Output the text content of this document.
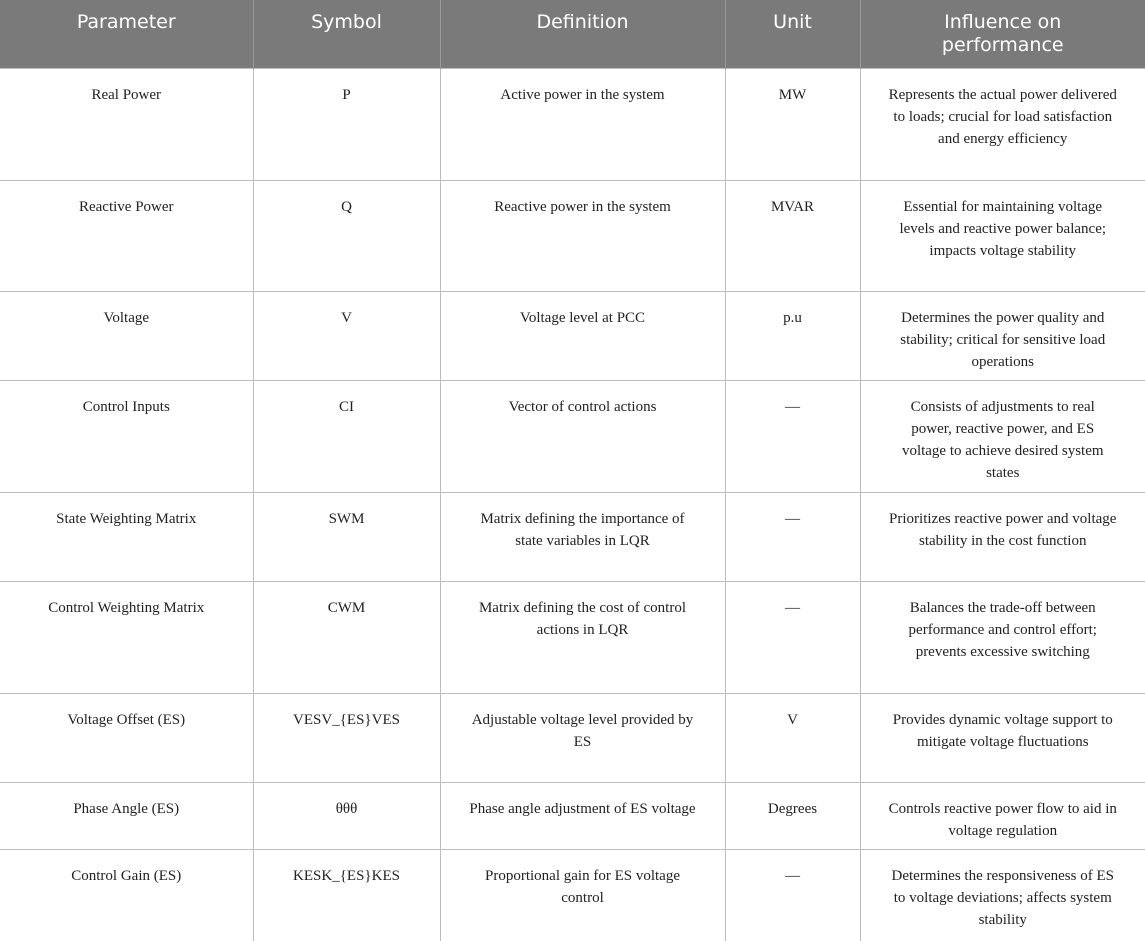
Parameter	Symbol	Definition	Unit	Influence on performance
Real Power	P	Active power in the system	MW	Represents the actual power delivered to loads; crucial for load satisfaction and energy efficiency
Reactive Power	Q	Reactive power in the system	MVAR	Essential for maintaining voltage levels and reactive power balance; impacts voltage stability
Voltage	V	Voltage level at PCC	p.u	Determines the power quality and stability; critical for sensitive load operations
Control Inputs	CI	Vector of control actions	—	Consists of adjustments to real power, reactive power, and ES voltage to achieve desired system states
State Weighting Matrix	SWM	Matrix defining the importance of state variables in LQR	—	Prioritizes reactive power and voltage stability in the cost function
Control Weighting Matrix	CWM	Matrix defining the cost of control actions in LQR	—	Balances the trade-off between performance and control effort; prevents excessive switching
Voltage Offset (ES)	VESV_{ES}VES	Adjustable voltage level provided by ES	V	Provides dynamic voltage support to mitigate voltage fluctuations
Phase Angle (ES)	θθθ	Phase angle adjustment of ES voltage	Degrees	Controls reactive power flow to aid in voltage regulation
Control Gain (ES)	KESK_{ES}KES	Proportional gain for ES voltage control	—	Determines the responsiveness of ES to voltage deviations; affects system stability
